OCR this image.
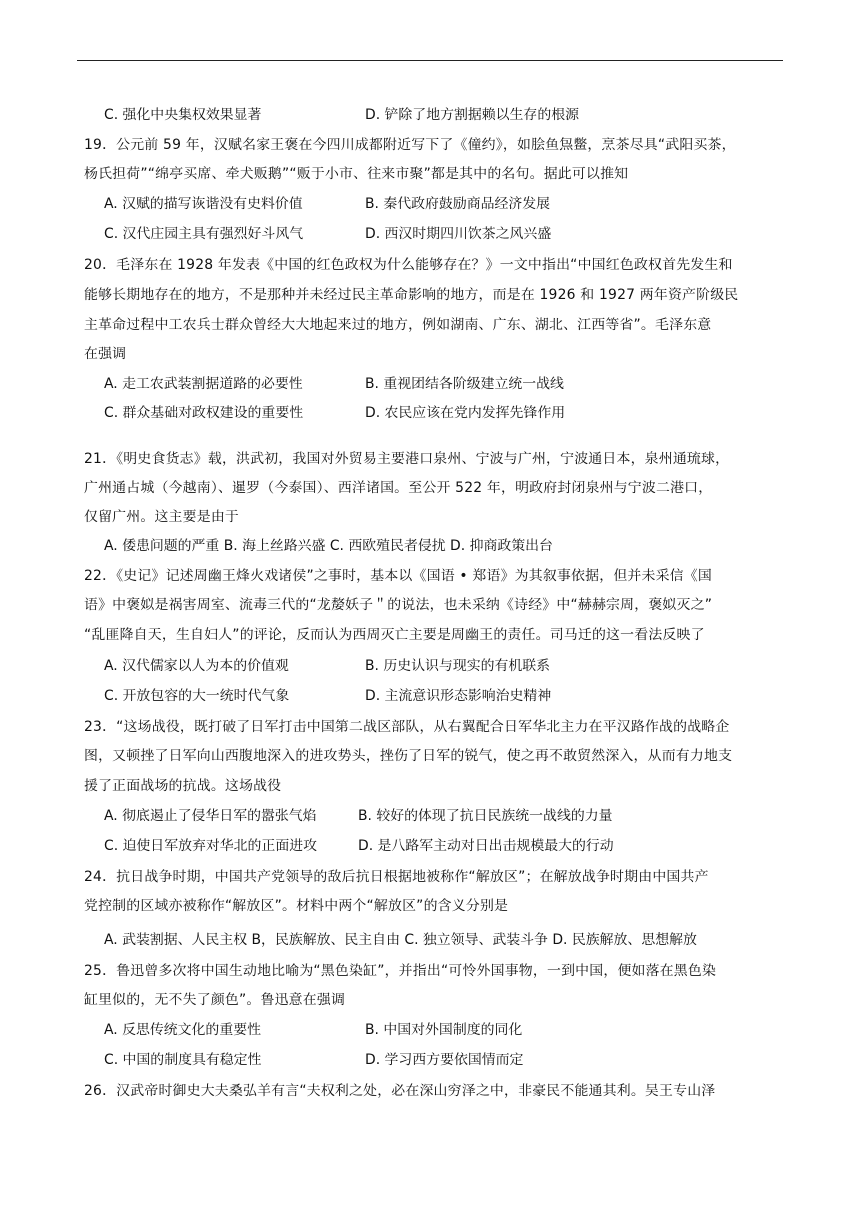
C. 强化中央集权效果显著	D. 铲除了地方割据赖以生存的根源
19．公元前 59 年，汉赋名家王褒在今四川成都附近写下了《僮约》，如脍鱼炰鳖，烹茶尽具“武阳买茶，
杨氏担荷”“绵亭买席、牵犬贩鹅”“贩于小市、往来市聚”都是其中的名句。据此可以推知
A. 汉赋的描写诙谐没有史料价值	B. 秦代政府鼓励商品经济发展
C. 汉代庄园主具有强烈好斗风气	D. 西汉时期四川饮茶之风兴盛
20．毛泽东在 1928 年发表《中国的红色政权为什么能够存在？》一文中指出“中国红色政权首先发生和
能够长期地存在的地方，不是那种并未经过民主革命影响的地方，而是在 1926 和 1927 两年资产阶级民
主革命过程中工农兵士群众曾经大大地起来过的地方，例如湖南、广东、湖北、江西等省”。毛泽东意
在强调
A. 走工农武装割据道路的必要性	B. 重视团结各阶级建立统一战线
C. 群众基础对政权建设的重要性	D. 农民应该在党内发挥先锋作用
21．《明史食货志》载，洪武初，我国对外贸易主要港口泉州、宁波与广州，宁波通日本，泉州通琉球，
广州通占城（今越南）、暹罗（今泰国）、西洋诸国。至公开 522 年，明政府封闭泉州与宁波二港口，
仅留广州。这主要是由于
A. 倭患问题的严重 B. 海上丝路兴盛 C. 西欧殖民者侵扰 D. 抑商政策出台
22．《史记》记述周幽王烽火戏诸侯”之事时，基本以《国语 • 郑语》为其叙事依据，但并未采信《国
语》中褒姒是祸害周室、流毒三代的“龙嫠妖子＂的说法，也未采纳《诗经》中“赫赫宗周，褒姒灭之”
“乱匪降自天，生自妇人”的评论，反而认为西周灭亡主要是周幽王的责任。司马迁的这一看法反映了
A. 汉代儒家以人为本的价值观	B. 历史认识与现实的有机联系
C. 开放包容的大一统时代气象	D. 主流意识形态影响治史精神
23．“这场战役，既打破了日军打击中国第二战区部队，从右翼配合日军华北主力在平汉路作战的战略企
图，又顿挫了日军向山西腹地深入的进攻势头，挫伤了日军的锐气，使之再不敢贸然深入，从而有力地支
援了正面战场的抗战。这场战役
A. 彻底遏止了侵华日军的嚣张气焰	B. 较好的体现了抗日民族统一战线的力量
C. 迫使日军放弃对华北的正面进攻	D. 是八路军主动对日出击规模最大的行动
24．抗日战争时期，中国共产党领导的敌后抗日根据地被称作“解放区”；在解放战争时期由中国共产
党控制的区域亦被称作“解放区”。材料中两个“解放区”的含义分别是
A. 武装割据、人民主权 B，民族解放、民主自由 C. 独立领导、武装斗争 D. 民族解放、思想解放
25．鲁迅曾多次将中国生动地比喻为“黑色染缸”，并指出“可怜外国事物，一到中国，便如落在黑色染
缸里似的，无不失了颜色”。鲁迅意在强调
A. 反思传统文化的重要性	B. 中国对外国制度的同化
C. 中国的制度具有稳定性	D. 学习西方要依国情而定
26．汉武帝时御史大夫桑弘羊有言“夫权利之处，必在深山穷泽之中，非豪民不能通其利。吴王专山泽
